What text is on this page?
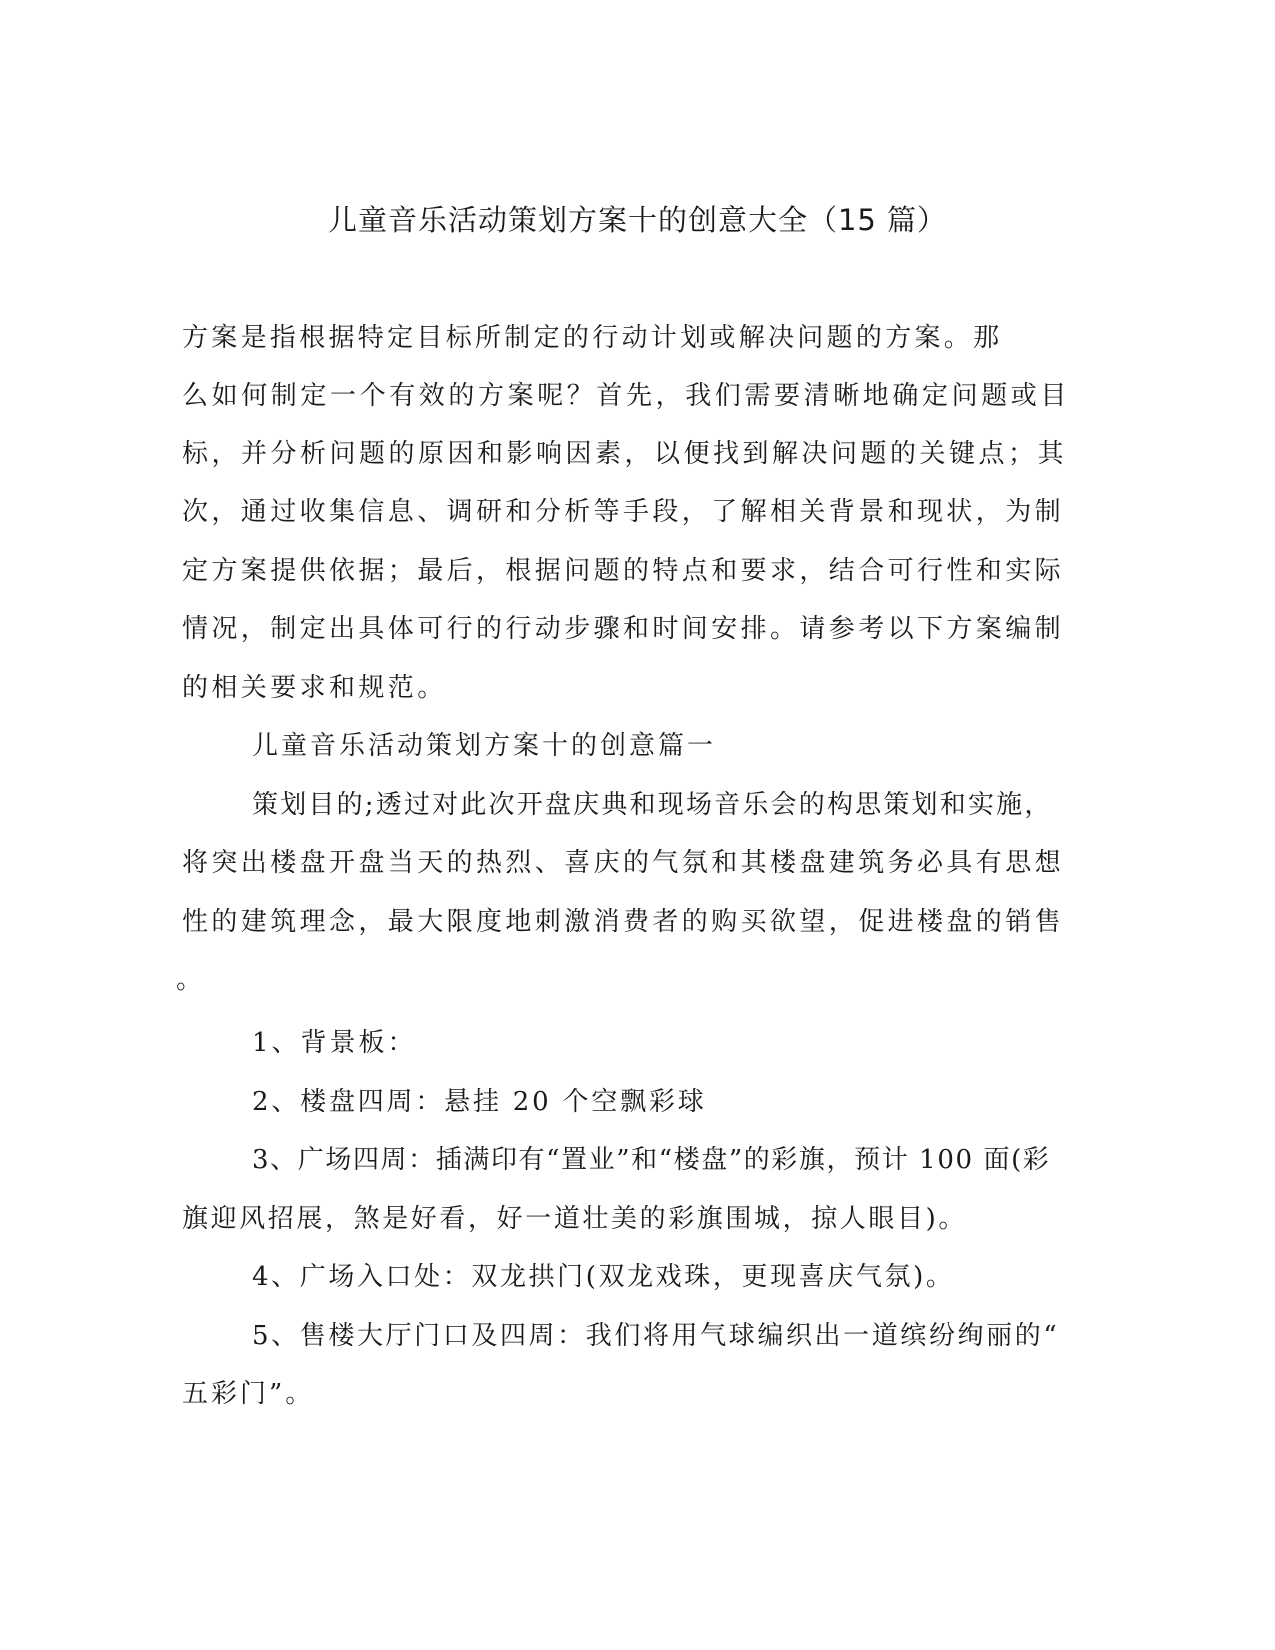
儿童音乐活动策划方案十的创意大全（15 篇）
方案是指根据特定目标所制定的行动计划或解决问题的方案。那
么如何制定一个有效的方案呢？首先，我们需要清晰地确定问题或目
标，并分析问题的原因和影响因素，以便找到解决问题的关键点；其
次，通过收集信息、调研和分析等手段，了解相关背景和现状，为制
定方案提供依据；最后，根据问题的特点和要求，结合可行性和实际
情况，制定出具体可行的行动步骤和时间安排。请参考以下方案编制
的相关要求和规范。
儿童音乐活动策划方案十的创意篇一
策划目的;透过对此次开盘庆典和现场音乐会的构思策划和实施，
将突出楼盘开盘当天的热烈、喜庆的气氛和其楼盘建筑务必具有思想
性的建筑理念，最大限度地刺激消费者的购买欲望，促进楼盘的销售
。
1、背景板：
2、楼盘四周：悬挂 20 个空飘彩球
3、广场四周：插满印有“置业”和“楼盘”的彩旗，预计 100 面(彩
旗迎风招展，煞是好看，好一道壮美的彩旗围城，掠人眼目)。
4、广场入口处：双龙拱门(双龙戏珠，更现喜庆气氛)。
5、售楼大厅门口及四周：我们将用气球编织出一道缤纷绚丽的“
五彩门”。
